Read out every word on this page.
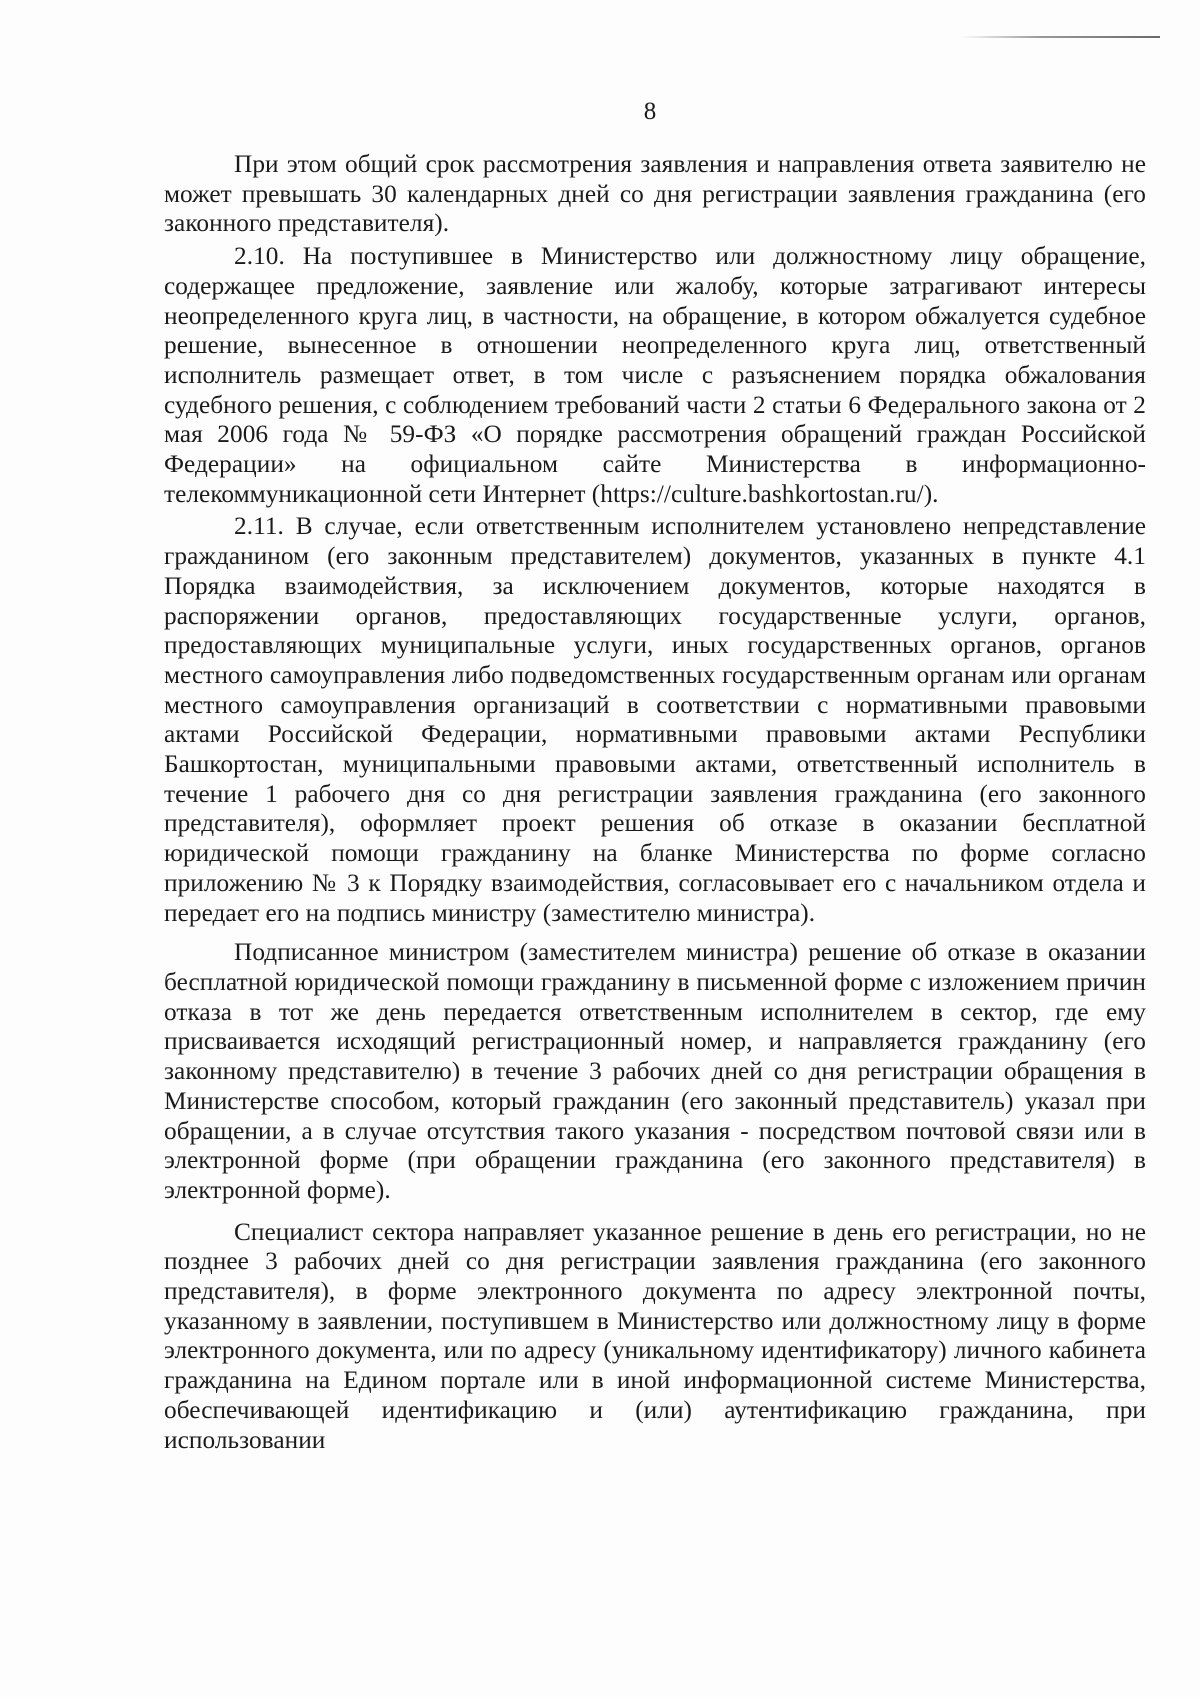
8

При этом общий срок рассмотрения заявления и направления ответа заявителю не может превышать 30 календарных дней со дня регистрации заявления гражданина (его законного представителя).

2.10. На поступившее в Министерство или должностному лицу обращение, содержащее предложение, заявление или жалобу, которые затрагивают интересы неопределенного круга лиц, в частности, на обращение, в котором обжалуется судебное решение, вынесенное в отношении неопределенного круга лиц, ответственный исполнитель размещает ответ, в том числе с разъяснением порядка обжалования судебного решения, с соблюдением требований части 2 статьи 6 Федерального закона от 2 мая 2006 года № 59-ФЗ «О порядке рассмотрения обращений граждан Российской Федерации» на официальном сайте Министерства в информационно-телекоммуникационной сети Интернет (https://culture.bashkortostan.ru/).

2.11. В случае, если ответственным исполнителем установлено непредставление гражданином (его законным представителем) документов, указанных в пункте 4.1 Порядка взаимодействия, за исключением документов, которые находятся в распоряжении органов, предоставляющих государственные услуги, органов, предоставляющих муниципальные услуги, иных государственных органов, органов местного самоуправления либо подведомственных государственным органам или органам местного самоуправления организаций в соответствии с нормативными правовыми актами Российской Федерации, нормативными правовыми актами Республики Башкортостан, муниципальными правовыми актами, ответственный исполнитель в течение 1 рабочего дня со дня регистрации заявления гражданина (его законного представителя), оформляет проект решения об отказе в оказании бесплатной юридической помощи гражданину на бланке Министерства по форме согласно приложению № 3 к Порядку взаимодействия, согласовывает его с начальником отдела и передает его на подпись министру (заместителю министра).

Подписанное министром (заместителем министра) решение об отказе в оказании бесплатной юридической помощи гражданину в письменной форме с изложением причин отказа в тот же день передается ответственным исполнителем в сектор, где ему присваивается исходящий регистрационный номер, и направляется гражданину (его законному представителю) в течение 3 рабочих дней со дня регистрации обращения в Министерстве способом, который гражданин (его законный представитель) указал при обращении, а в случае отсутствия такого указания - посредством почтовой связи или в электронной форме (при обращении гражданина (его законного представителя) в электронной форме).

Специалист сектора направляет указанное решение в день его регистрации, но не позднее 3 рабочих дней со дня регистрации заявления гражданина (его законного представителя), в форме электронного документа по адресу электронной почты, указанному в заявлении, поступившем в Министерство или должностному лицу в форме электронного документа, или по адресу (уникальному идентификатору) личного кабинета гражданина на Едином портале или в иной информационной системе Министерства, обеспечивающей идентификацию и (или) аутентификацию гражданина, при использовании
